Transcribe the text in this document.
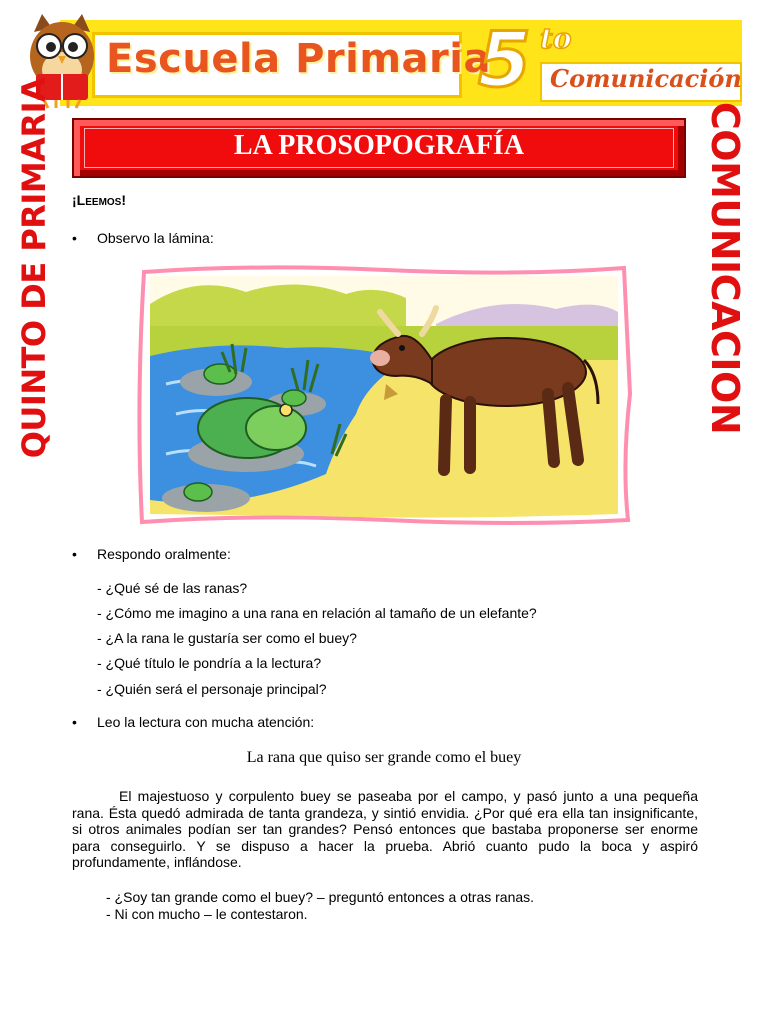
Escuela Primaria
5 to
Comunicación
QUINTO DE PRIMARIA	COMUNICACION
LA PROSOPOGRAFÍA
¡Leemos!
• Observo la lámina:
• Respondo oralmente:
- ¿Qué sé de las ranas?
- ¿Cómo me imagino a una rana en relación al tamaño de un elefante?
- ¿A la rana le gustaría ser como el buey?
- ¿Qué título le pondría a la lectura?
- ¿Quién será el personaje principal?
• Leo la lectura con mucha atención:
La rana que quiso ser grande como el buey
El majestuoso y corpulento buey se paseaba por el campo, y pasó junto a una pequeña rana. Ésta quedó admirada de tanta grandeza, y sintió envidia. ¿Por qué era ella tan insignificante, si otros animales podían ser tan grandes? Pensó entonces que bastaba proponerse ser enorme para conseguirlo. Y se dispuso a hacer la prueba. Abrió cuanto pudo la boca y aspiró profundamente, inflándose.
- ¿Soy tan grande como el buey? – preguntó entonces a otras ranas.
- Ni con mucho – le contestaron.
